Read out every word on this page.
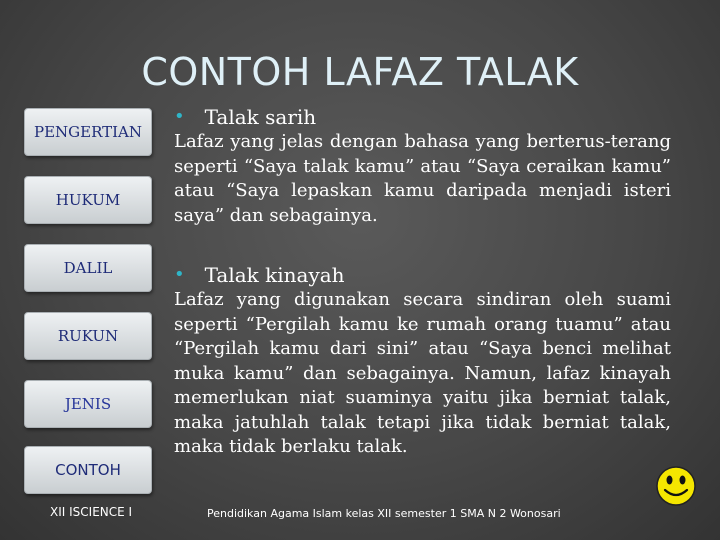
CONTOH LAFAZ TALAK
PENGERTIAN
HUKUM
DALIL
RUKUN
JENIS
CONTOH
• Talak sarih

Lafaz yang jelas dengan bahasa yang berterus-terang seperti “Saya talak kamu” atau “Saya ceraikan kamu” atau “Saya lepaskan kamu daripada menjadi isteri saya” dan sebagainya.

• Talak kinayah

Lafaz yang digunakan secara sindiran oleh suami seperti “Pergilah kamu ke rumah orang tuamu” atau “Pergilah kamu dari sini” atau “Saya benci melihat muka kamu” dan sebagainya. Namun, lafaz kinayah memerlukan niat suaminya yaitu jika berniat talak, maka jatuhlah talak tetapi jika tidak berniat talak, maka tidak berlaku talak.

XII ISCIENCE I	Pendidikan Agama Islam kelas XII semester 1 SMA N 2 Wonosari
